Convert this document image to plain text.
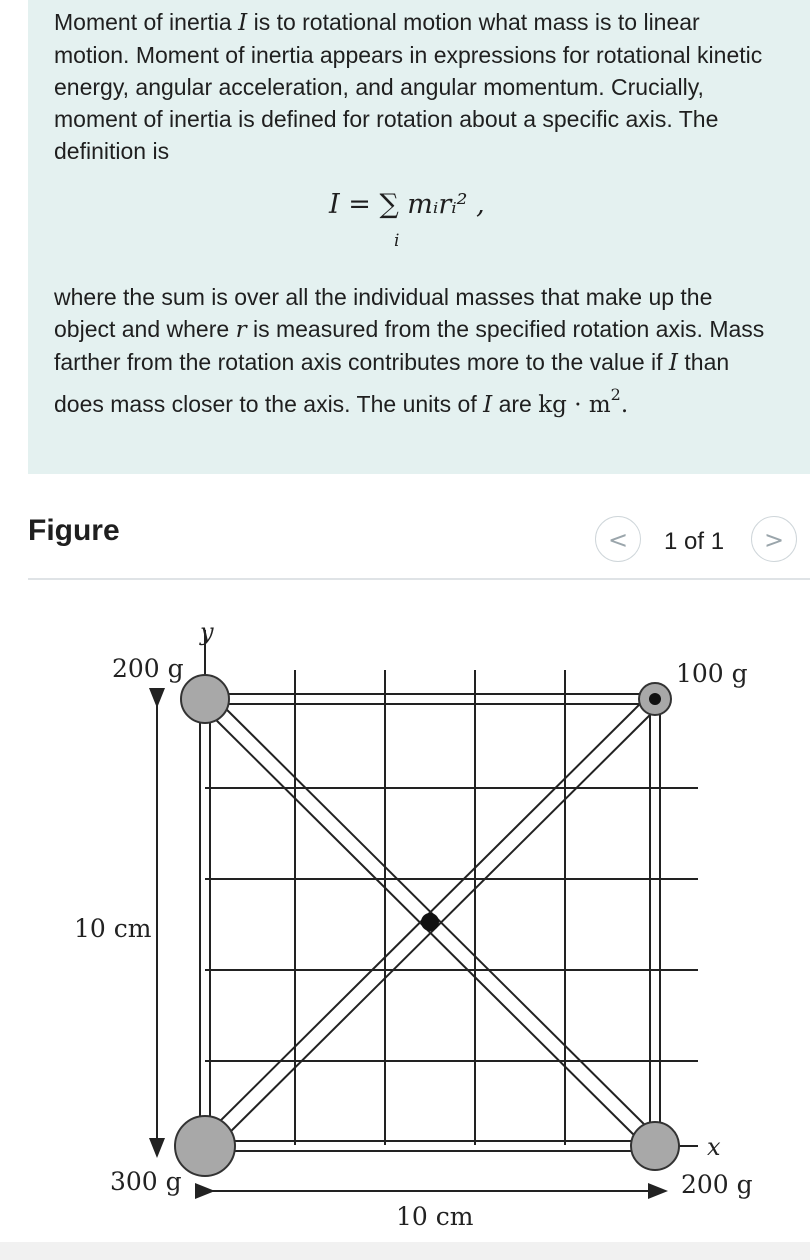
Moment of inertia I is to rotational motion what mass is to linear motion. Moment of inertia appears in expressions for rotational kinetic energy, angular acceleration, and angular momentum. Crucially, moment of inertia is defined for rotation about a specific axis. The definition is

I = ∑ mᵢrᵢ² ,
i

where the sum is over all the individual masses that make up the object and where r is measured from the specified rotation axis. Mass farther from the rotation axis contributes more to the value if I than does mass closer to the axis. The units of I are kg · $m^2$.

Figure	<	1 of 1	>
y
x
200 g	100 g
300 g	200 g
10 cm
10 cm
